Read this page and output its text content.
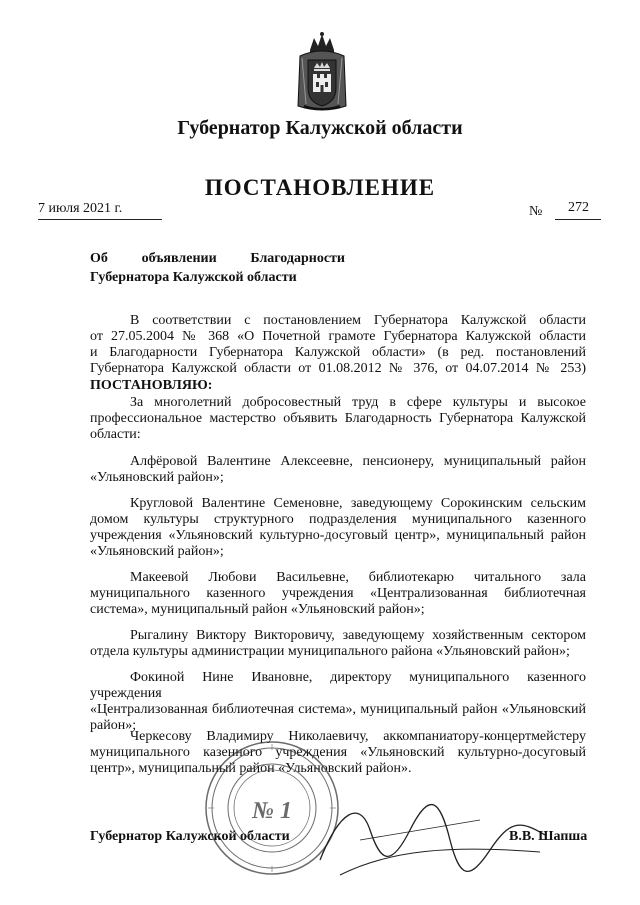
Губернатор Калужской области
ПОСТАНОВЛЕНИЕ
7 июля 2021 г.	№ 272
Об объявлении Благодарности
Губернатора Калужской области
В соответствии с постановлением Губернатора Калужской области
от 27.05.2004 № 368 «О Почетной грамоте Губернатора Калужской области
и Благодарности Губернатора Калужской области» (в ред. постановлений
Губернатора Калужской области от 01.08.2012 № 376, от 04.07.2014 № 253)
ПОСТАНОВЛЯЮ:
За многолетний добросовестный труд в сфере культуры и высокое
профессиональное мастерство объявить Благодарность Губернатора Калужской
области:
Алфёровой Валентине Алексеевне, пенсионеру, муниципальный район
«Ульяновский район»;
Кругловой Валентине Семеновне, заведующему Сорокинским сельским
домом культуры структурного подразделения муниципального казенного
учреждения «Ульяновский культурно-досуговый центр», муниципальный район
«Ульяновский район»;
Макеевой Любови Васильевне, библиотекарю читального зала
муниципального казенного учреждения «Централизованная библиотечная
система», муниципальный район «Ульяновский район»;
Рыгалину Виктору Викторовичу, заведующему хозяйственным сектором
отдела культуры администрации муниципального района «Ульяновский район»;
Фокиной Нине Ивановне, директору муниципального казенного учреждения
«Централизованная библиотечная система», муниципальный район «Ульяновский
район»;
Черкесову Владимиру Николаевичу, аккомпаниатору-концертмейстеру
муниципального казенного учреждения «Ульяновский культурно-досуговый
центр», муниципальный район «Ульяновский район».
№ 1
Губернатор Калужской области	В.В. Шапша
